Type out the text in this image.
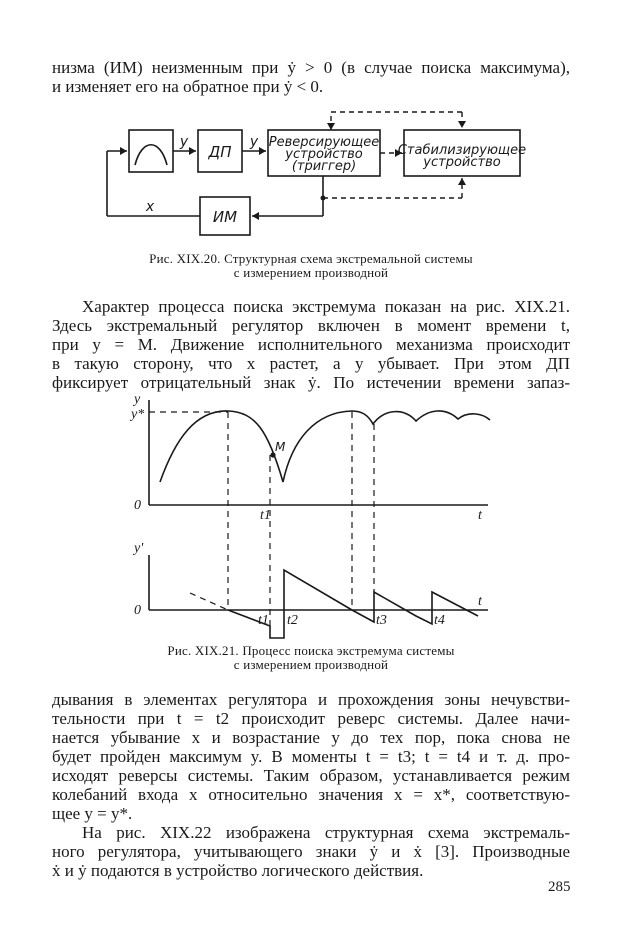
низма (ИМ) неизменным при ẏ > 0 (в случае поиска максимума),
и изменяет его на обратное при ẏ < 0.
ДП
Реверсирующее
устройство
(триггер)
Стабилизирующее
устройство
ИМ
y	y
x
Рис. XIX.20. Структурная схема экстремальной системы
с измерением производной
Характер процесса поиска экстремума показан на рис. XIX.21.
Здесь экстремальный регулятор включен в момент времени t,
при y = M. Движение исполнительного механизма происходит
в такую сторону, что x растет, а y убывает. При этом ДП
фиксирует отрицательный знак ẏ. По истечении времени запаз-
y
y*
0
t
M
t1
y'
0
t
t1 t2	t3	t4
Рис. XIX.21. Процесс поиска экстремума системы
с измерением производной
дывания в элементах регулятора и прохождения зоны нечувстви-
тельности при t = t2 происходит реверс системы. Далее начи-
нается убывание x и возрастание y до тех пор, пока снова не
будет пройден максимум y. В моменты t = t3; t = t4 и т. д. про-
исходят реверсы системы. Таким образом, устанавливается режим
колебаний входа x относительно значения x = x*, соответствую-
щее y = y*.
На рис. XIX.22 изображена структурная схема экстремаль-
ного регулятора, учитывающего знаки ẏ и ẋ [3]. Производные
ẋ и ẏ подаются в устройство логического действия.
285
